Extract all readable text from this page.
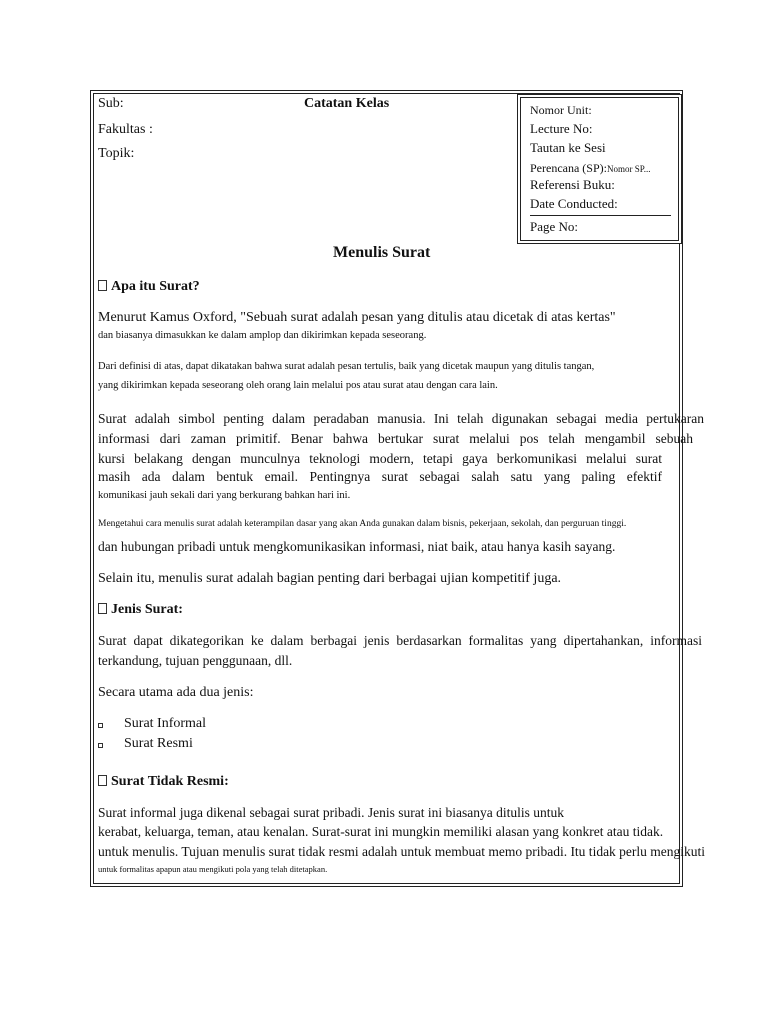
Sub:	Catatan Kelas
Fakultas :
Topik:
Nomor Unit:
Lecture No:
Tautan ke Sesi
Perencana (SP):Nomor SP...
Referensi Buku:
Date Conducted:
Page No:
Menulis Surat
Apa itu Surat?
Menurut Kamus Oxford, "Sebuah surat adalah pesan yang ditulis atau dicetak di atas kertas"
dan biasanya dimasukkan ke dalam amplop dan dikirimkan kepada seseorang.
Dari definisi di atas, dapat dikatakan bahwa surat adalah pesan tertulis, baik yang dicetak maupun yang ditulis tangan,
yang dikirimkan kepada seseorang oleh orang lain melalui pos atau surat atau dengan cara lain.
Surat adalah simbol penting dalam peradaban manusia. Ini telah digunakan sebagai media pertukaran
informasi dari zaman primitif. Benar bahwa bertukar surat melalui pos telah mengambil sebuah
kursi belakang dengan munculnya teknologi modern, tetapi gaya berkomunikasi melalui surat
masih ada dalam bentuk email. Pentingnya surat sebagai salah satu yang paling efektif
komunikasi jauh sekali dari yang berkurang bahkan hari ini.
Mengetahui cara menulis surat adalah keterampilan dasar yang akan Anda gunakan dalam bisnis, pekerjaan, sekolah, dan perguruan tinggi.
dan hubungan pribadi untuk mengkomunikasikan informasi, niat baik, atau hanya kasih sayang.
Selain itu, menulis surat adalah bagian penting dari berbagai ujian kompetitif juga.
Jenis Surat:
Surat dapat dikategorikan ke dalam berbagai jenis berdasarkan formalitas yang dipertahankan, informasi
terkandung, tujuan penggunaan, dll.
Secara utama ada dua jenis:
Surat Informal
Surat Resmi
Surat Tidak Resmi:
Surat informal juga dikenal sebagai surat pribadi. Jenis surat ini biasanya ditulis untuk
kerabat, keluarga, teman, atau kenalan. Surat-surat ini mungkin memiliki alasan yang konkret atau tidak.
untuk menulis. Tujuan menulis surat tidak resmi adalah untuk membuat memo pribadi. Itu tidak perlu mengikuti
untuk formalitas apapun atau mengikuti pola yang telah ditetapkan.
